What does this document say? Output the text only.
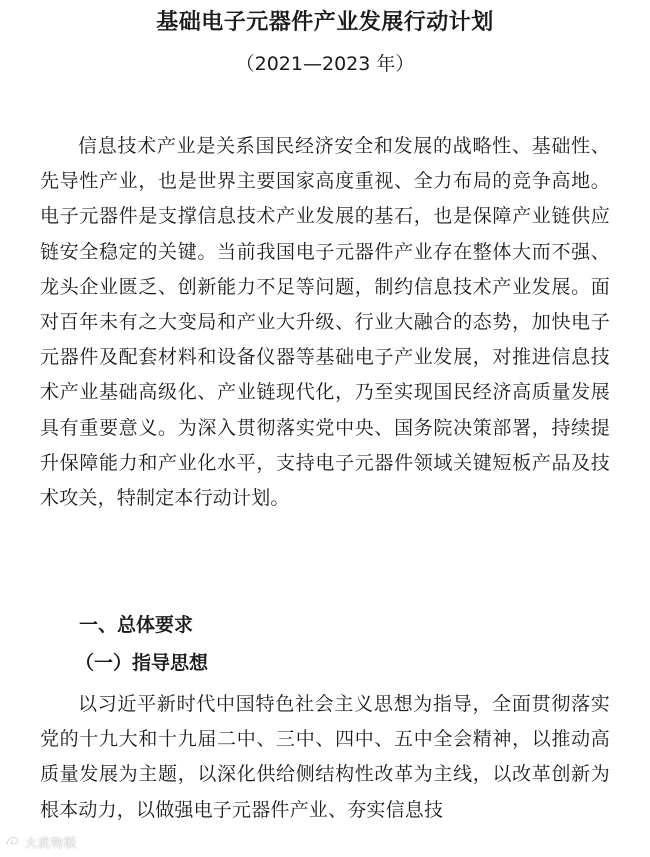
基础电子元器件产业发展行动计划
（2021—2023 年）

信息技术产业是关系国民经济安全和发展的战略性、基础性、先导性产业，也是世界主要国家高度重视、全力布局的竞争高地。电子元器件是支撑信息技术产业发展的基石，也是保障产业链供应链安全稳定的关键。当前我国电子元器件产业存在整体大而不强、龙头企业匮乏、创新能力不足等问题，制约信息技术产业发展。面对百年未有之大变局和产业大升级、行业大融合的态势，加快电子元器件及配套材料和设备仪器等基础电子产业发展，对推进信息技术产业基础高级化、产业链现代化，乃至实现国民经济高质量发展具有重要意义。为深入贯彻落实党中央、国务院决策部署，持续提升保障能力和产业化水平，支持电子元器件领域关键短板产品及技术攻关，特制定本行动计划。

一、总体要求
（一）指导思想

以习近平新时代中国特色社会主义思想为指导，全面贯彻落实党的十九大和十九届二中、三中、四中、五中全会精神，以推动高质量发展为主题，以深化供给侧结构性改革为主线，以改革创新为根本动力，以做强电子元器件产业、夯实信息技

大武物联
